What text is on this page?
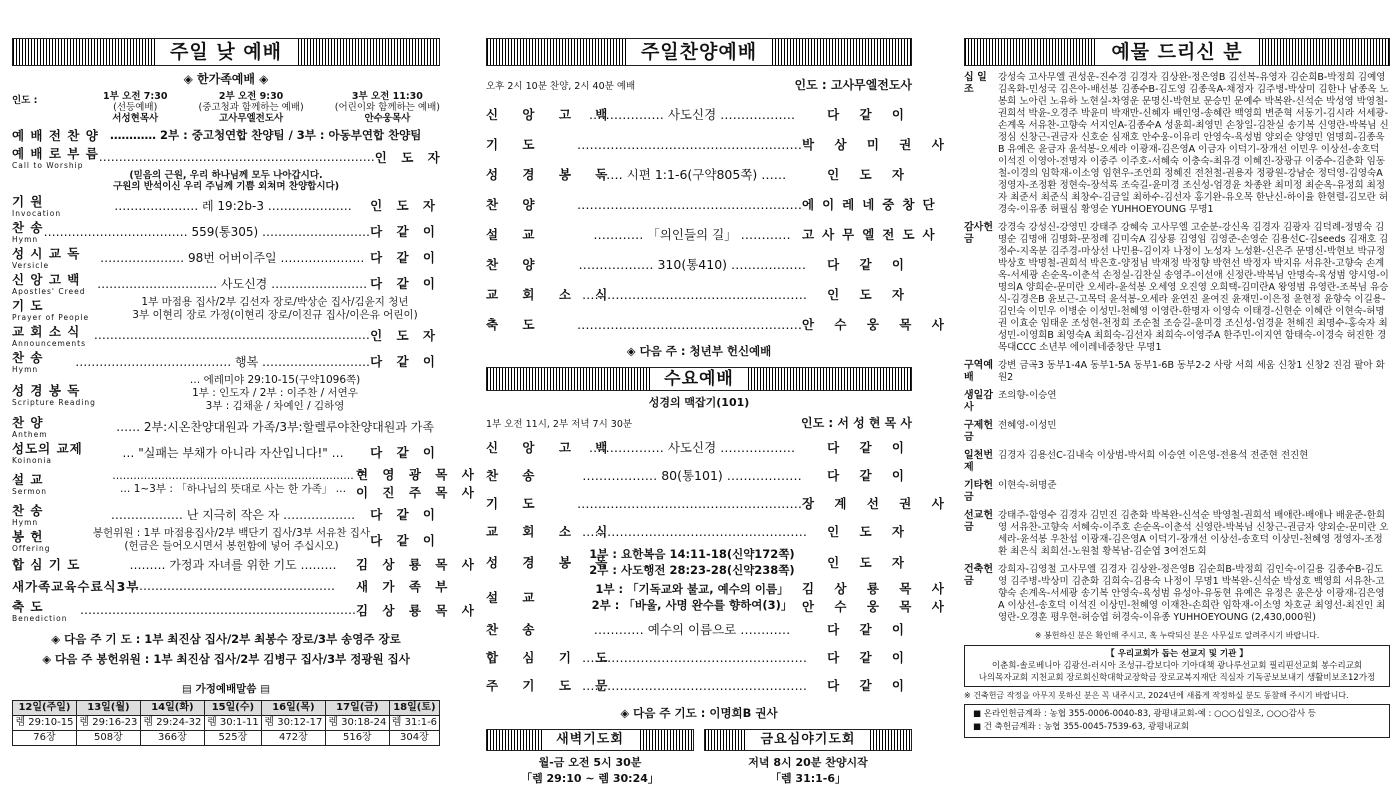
주일 낮 예배
◈ 한가족예배 ◈
인도 :	1부 오전 7:30
(선등예배)
서성현목사
2부 오전 9:30
(중고청과 함께하는 예배)
고사무엘전도사
3부 오전 11:30
(어린이와 함께하는 예배)
안수웅목사
예 배 전 찬 양 ………… 2부 : 중고청연합 찬양팀 / 3부 : 아동부연합 찬양팀
예 배 로 부 름
Call to Worship
…………………………………………………………… 인 도 자
(믿음의 근원, 우리 하나님께 모두 나아갑시다.
구원의 반석이신 우리 주님께 기쁨 외쳐며 찬양합시다)
기 원
Invocation
………………… 레 19:2b-3 …………………	인 도 자
찬 송
Hymn
……………………………… 559(통305) ……………………… 다 같 이
성 시 교 독
Versicle
………………… 98번 어버이주일 ………………… 다 같 이
신 앙 고 백
Apostles' Creed
………………………… 사도신경 …………………… 다 같 이
기 도
Prayer of People
1부 마점용 집사/2부 김선자 장로/박상순 집사/김윤지 청년
3부 이현리 장로 가정(이현리 장로/이진규 집사/이은유 어린이)
교 회 소 식
Announcements
…………………………………………………………… 인 도 자
찬 송
Hymn
………………………………… 행복 ……………………… 다 같 이
성 경 봉 독
Scripture Reading
… 에레미야 29:10-15(구약1096쪽)
1부 : 인도자 / 2부 : 이주찬 / 서연우
3부 : 김채윤 / 차예인 / 김하영
찬 양
Anthem
…… 2부:시온찬양대원과 가족/3부:할렐루야찬양대원과 가족
성도의 교제
Koinonia
… "실패는 부채가 아니라 자산입니다!" …	다 같 이
설 교
Sermon
……………………………………………………………
… 1~3부 : 「하나님의 뜻대로 사는 한 가족」 …
현 영 광 목 사
이 진 주 목 사
찬 송
Hymn
……………… 난 지극히 작은 자 ………………	다 같 이
봉 헌
Offering
봉헌위원 : 1부 마점용집사/2부 백단기 집사/3부 서유찬 집사
(헌금은 들어오시면서 봉헌함에 넣어 주십시오)	다 같 이
합 심 기 도	……… 가정과 자녀를 위한 기도 ………	김 상 룡 목 사
새가족교육수료식3부
……………………………………………	새 가 족 부
축 도
Benediction
…………………………………………………………… 김 상 룡 목 사
◈ 다음 주 기 도 : 1부 최진삼 집사/2부 최봉수 장로/3부 송영주 장로
◈ 다음 주 봉헌위원 : 1부 최진삼 집사/2부 김병구 집사/3부 정광원 집사
▤ 가정예배말씀 ▤
12일(주일)	13일(월)	14일(화)	15일(수)	16일(목)	17일(금)	18일(토)
렘 29:10-15	렘 29:16-23	렘 29:24-32	렘 30:1-11	렘 30:12-17	렘 30:18-24	렘 31:1-6
76장	508장	366장	525장	472장	516장	304장
주일찬양예배
오후 2시 10분 찬양, 2시 40분 예배	인도 : 고사무엘전도사
신 앙 고 백
……………… 사도신경 ………………	다 같 이
기 도	……………………………………………… 박 상 미 권 사
성 경 봉 독
…… 시편 1:1-6(구약805쪽) ……	인 도 자
찬 양	……………………………………………… 에이레네중창단
설 교	………… 「의인들의 길」 ………… 고사무엘전도사
찬 양	……………… 310(통410) ………………	다 같 이
교 회 소 식
………………………………………………	인 도 자
축 도	……………………………………………… 안 수 웅 목 사
◈ 다음 주 : 청년부 헌신예배
수요예배
성경의 맥잡기(101)
1부 오전 11시, 2부 저녁 7시 30분	인도 : 서 성 현 목 사
신 앙 고 백
……………… 사도신경 ………………	다 같 이
찬 송	……………… 80(통101) ………………	다 같 이
기 도	……………………………………………… 장 계 선 권 사
교 회 소 식
………………………………………………	인 도 자
성 경 봉 독
1부 : 요한복음 14:11-18(신약172쪽)
2부 : 사도행전 28:23-28(신약238쪽)	인 도 자
설 교
1부 : 「기독교와 불교, 예수의 이름」
2부 : 「바울, 사명 완수를 향하여(3)」
김 상 룡 목 사
안 수 웅 목 사
찬 송	………… 예수의 이름으로 …………	다 같 이
합 심 기 도
………………………………………………	다 같 이
주 기 도 문
………………………………………………	다 같 이
◈ 다음 주 기도 : 이명희B 권사
새벽기도회
월-금 오전 5시 30분
「렘 29:10 ~ 렘 30:24」
금요심야기도회
저녁 8시 20분 찬양시작
「렘 31:1-6」
예물 드리신 분
십 일 조
강성숙 고사무엘 권성운-진수경 김경자 김상완-정은영B 김선복-유영자 김순희B-박정희 김예영 김옥화-민성국 김은아-배선봉 김종수B-김도영 김종욱A-채정자 김주병-박상미 김한나 남종옥 노봉희 노아린 노유하 노현실-차영운 문명신-박현보 문승민 문예수 박복완-신석순 박성영 박영철-권희석 박윤-오경주 박윤미 박재만-신혜자 배인영-송혜란 백영희 변준혁 서동기-김시라 서세광-손계옥 서유찬-고향숙 서지인A-김종수A 성윤희-최영민 손창일-김찬실 송기복 신영란-박복님 신정심 신창근-권금자 신호순 심재호 안수웅-이유리 안영숙-육성범 양외순 양영민 엄명희-김종욱B 유예은 윤금자 윤석봉-오세라 이광재-김은영A 이금자 이덕기-장개선 이민우 이상선-송호덕 이석진 이영아-전명자 이중주 이주호-서혜숙 이충숙-최유경 이혜진-장광규 이중수-김춘화 임동철-이경의 임학재-이소영 임현우-조언희 정혜진 전천철-권용자 정광원-강남순 정덕영-김영숙A 정영자-조정환 정현숙-장석록 조숙길-윤미경 조신성-엄경윤 차종완 최미정 최순옥-유정희 최정자 최준서 최준식 최창수-김금일 최하수-김선자 홍기완-유오목 한난신-하이율 한현렬-김모란 허경숙-이유종 허필심 황영순 YUHHOEYOUNG 무명1
감사헌금
강경숙 강성신-강영민 강태주 강혜숙 고사무엘 고순분-강신옥 김경자 김광자 김덕례-정명숙 김명순 김명애 김명화-문정례 김미숙A 김상룡 김영임 김영준-손영순 김용선C-김seeds 김재호 김정수-지옥분 김주경-마상선 나민용-김이자 나정이 노성자 노성환-신은주 문명신-박현보 박규정 박상호 박명철-권희석 박은호-양정님 박재정 박정향 박현선 박정자 박지유 서유찬-고향숙 손계옥-서세광 손순옥-이춘석 손정실-김찬실 송영주-이선애 신정란-박복님 안명숙-육성범 양시영-이명의A 양희순-문미란 오세라-윤석봉 오세영 오진영 오희택-김미란A 왕영범 유영란-조복님 유승식-김경은B 윤보근-고목덕 윤석봉-오세라 윤연진 윤여진 윤재민-이은정 윤현정 윤향숙 이길용-김인숙 이민우 이병순 이성민-천혜영 이영란-한명자 이영숙 이태경-신현순 이혜란 이현숙-허명권 이효순 임태운 조성현-천정희 조순철 조승길-윤미경 조신성-엄경윤 천해진 최명수-홍숙자 최성민-이영희B 최영숙A 최희숙-김선자 최희숙-이영주A 한주민-이지연 함태숙-이경숙 허진한 경목대CCC 소년부 에이레네중창단 무명1
구역예배
강변 금곡3 동부1-4A 동부1-5A 동부1-6B 동부2-2 사랑 서희 세움 신창1 신창2 진검 팔아 화원2
생일감사
조의향-이승연
구제헌금
전혜영-이성민
일천번제
김경자 김용선C-김내숙 이상범-박서희 이승연 이은영-전용석 전준현 전진현
기타헌금
이현숙-허명준
선교헌금
강태주-함영수 김경자 김민진 김춘화 박복완-신석순 박영철-권희석 배애란-배애나 배윤준-한희영 서유찬-고향숙 서혜숙-이주호 손순옥-이춘석 신영란-박복님 신창근-권금자 양외순-문미란 오세라-윤석봉 우찬섭 이광재-김은영A 이덕기-장개선 이상선-송호덕 이상민-천혜영 정영자-조정환 최은식 최희선-노원철 황복남-김순엽 3여전도회
건축헌금
강희자-김영철 고사무엘 김경자 김상완-정은영B 김순희B-박정희 김인숙-이길용 김종수B-김도영 김주병-박상미 김춘화 김희숙-김용숙 나정이 무명1 박복완-신석순 박성호 백영희 서유찬-고향숙 손계옥-서세광 송기복 안영숙-육성범 유성아-유동현 유예은 유정은 윤은상 이광재-김은영A 이상선-송호덕 이석진 이상민-천혜영 이재찬-손희란 임학재-이소영 차호균 최영선-최진인 최영란-오경훈 평우현-허승엽 허경숙-이유종 YUHHOEYOUNG (2,430,000원)
※ 봉헌하신 분은 확인해 주시고, 혹 누락되신 분은 사무실로 알려주시기 바랍니다.
【 우리교회가 돕는 선교지 및 기관 】
이춘희-솔로베니아 김광선-러시아 조성규-캄보디아 기아대책 광나루선교회 필리핀선교회 봉수리교회
나의목자교회 지천교회 장로회신학대학교장학금 장로교복지재단 직심자 기독공보보내기 생활비보조12가정
※ 건축헌금 작정을 아무지 못하신 분은 꼭 내주시고, 2024년에 새롭게 작정하실 분도 동참해 주시기 바랍니다.
■ 온라인헌금계좌 : 농협 355-0006-0040-83, 광평내교회-예 : ○○○십일조, ○○○감사 등
■ 건 축헌금계좌 : 농협 355-0045-7539-63, 광평내교회
